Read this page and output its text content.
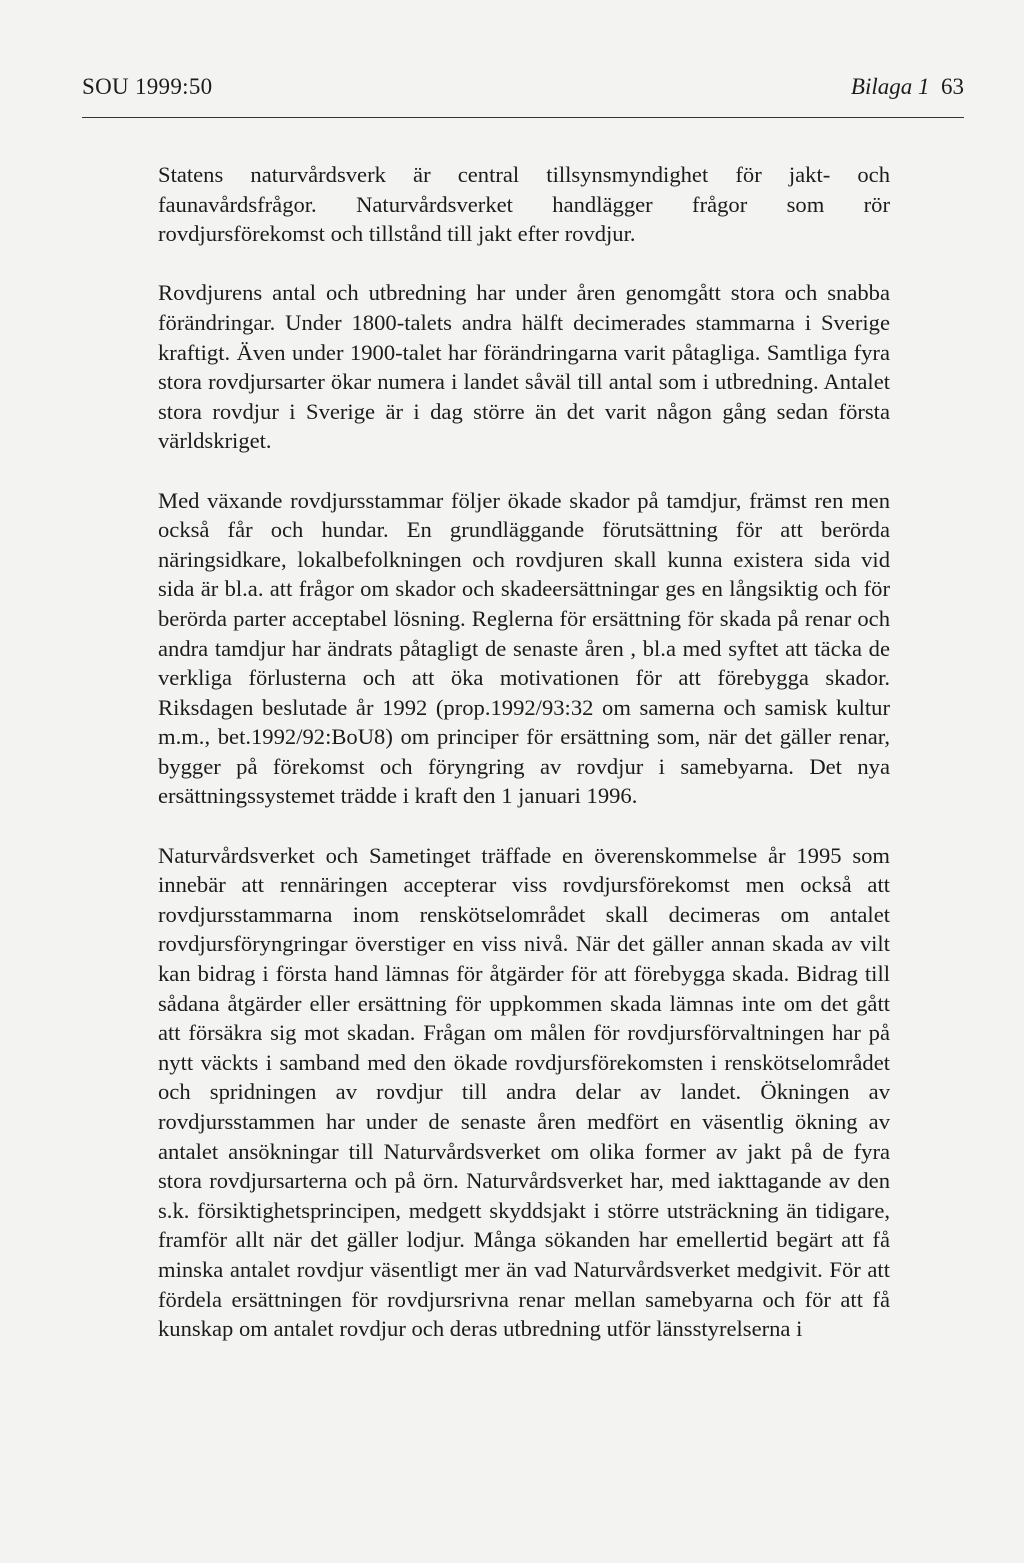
SOU 1999:50	Bilaga 1 63

Statens naturvårdsverk är central tillsynsmyndighet för jakt- och faunavårdsfrågor. Naturvårdsverket handlägger frågor som rör rovdjursförekomst och tillstånd till jakt efter rovdjur.

Rovdjurens antal och utbredning har under åren genomgått stora och snabba förändringar. Under 1800-talets andra hälft decimerades stammarna i Sverige kraftigt. Även under 1900-talet har förändringarna varit påtagliga. Samtliga fyra stora rovdjursarter ökar numera i landet såväl till antal som i utbredning. Antalet stora rovdjur i Sverige är i dag större än det varit någon gång sedan första världskriget.

Med växande rovdjursstammar följer ökade skador på tamdjur, främst ren men också får och hundar. En grundläggande förutsättning för att berörda näringsidkare, lokalbefolkningen och rovdjuren skall kunna existera sida vid sida är bl.a. att frågor om skador och skadeersättningar ges en långsiktig och för berörda parter acceptabel lösning. Reglerna för ersättning för skada på renar och andra tamdjur har ändrats påtagligt de senaste åren , bl.a med syftet att täcka de verkliga förlusterna och att öka motivationen för att förebygga skador. Riksdagen beslutade år 1992 (prop.1992/93:32 om samerna och samisk kultur m.m., bet.1992/92:BoU8) om principer för ersättning som, när det gäller renar, bygger på förekomst och föryngring av rovdjur i samebyarna. Det nya ersättningssystemet trädde i kraft den 1 januari 1996.

Naturvårdsverket och Sametinget träffade en överenskommelse år 1995 som innebär att rennäringen accepterar viss rovdjursförekomst men också att rovdjursstammarna inom renskötselområdet skall decimeras om antalet rovdjursföryngringar överstiger en viss nivå. När det gäller annan skada av vilt kan bidrag i första hand lämnas för åtgärder för att förebygga skada. Bidrag till sådana åtgärder eller ersättning för uppkommen skada lämnas inte om det gått att försäkra sig mot skadan. Frågan om målen för rovdjursförvaltningen har på nytt väckts i samband med den ökade rovdjursförekomsten i renskötselområdet och spridningen av rovdjur till andra delar av landet. Ökningen av rovdjursstammen har under de senaste åren medfört en väsentlig ökning av antalet ansökningar till Naturvårdsverket om olika former av jakt på de fyra stora rovdjursarterna och på örn. Naturvårdsverket har, med iakttagande av den s.k. försiktighetsprincipen, medgett skyddsjakt i större utsträckning än tidigare, framför allt när det gäller lodjur. Många sökanden har emellertid begärt att få minska antalet rovdjur väsentligt mer än vad Naturvårdsverket medgivit. För att fördela ersättningen för rovdjursrivna renar mellan samebyarna och för att få kunskap om antalet rovdjur och deras utbredning utför länsstyrelserna i
